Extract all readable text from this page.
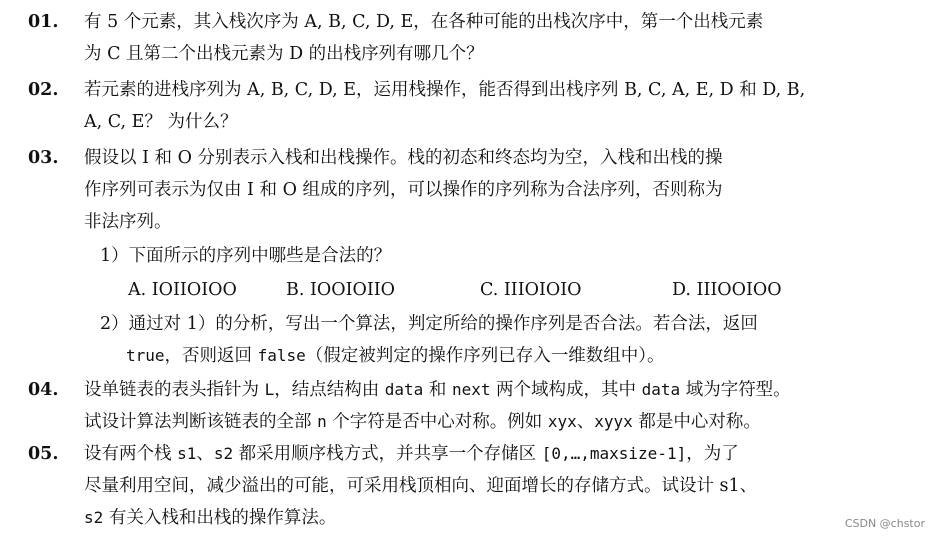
01. 有 5 个元素，其入栈次序为 A, B, C, D, E，在各种可能的出栈次序中，第一个出栈元素
为 C 且第二个出栈元素为 D 的出栈序列有哪几个？
02. 若元素的进栈序列为 A, B, C, D, E，运用栈操作，能否得到出栈序列 B, C, A, E, D 和 D, B,
A, C, E？ 为什么？
03. 假设以 I 和 O 分别表示入栈和出栈操作。栈的初态和终态均为空，入栈和出栈的操
作序列可表示为仅由 I 和 O 组成的序列，可以操作的序列称为合法序列，否则称为
非法序列。
1）下面所示的序列中哪些是合法的？
A. IOIIOIOO	B. IOOIOIIO	C. IIIOIOIO	D. IIIOOIOO
2）通过对 1）的分析，写出一个算法，判定所给的操作序列是否合法。若合法，返回
true，否则返回 false（假定被判定的操作序列已存入一维数组中）。
04. 设单链表的表头指针为 L，结点结构由 data 和 next 两个域构成，其中 data 域为字符型。
试设计算法判断该链表的全部 n 个字符是否中心对称。例如 xyx、xyyx 都是中心对称。
05. 设有两个栈 s1、s2 都采用顺序栈方式，并共享一个存储区 [0,…,maxsize-1]，为了
尽量利用空间，减少溢出的可能，可采用栈顶相向、迎面增长的存储方式。试设计 s1、
s2 有关入栈和出栈的操作算法。	CSDN @chstor
